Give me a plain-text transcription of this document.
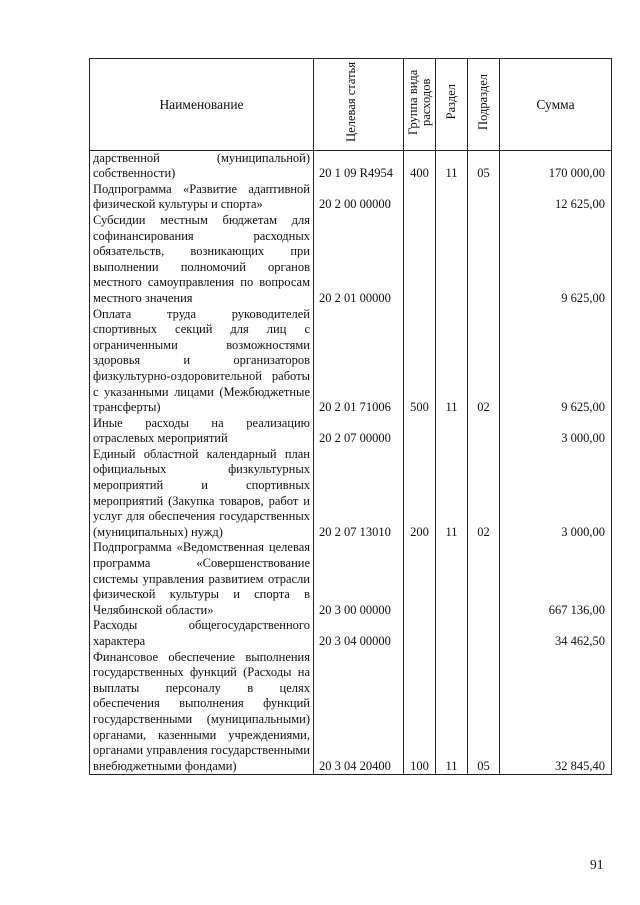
Наименование	Целевая статья	Группа вида расходов	Раздел	Подраздел	Сумма
дарственной (муниципальной) собственности)	20 1 09 R4954	400	11	05	170 000,00
Подпрограмма «Развитие адаптивной физической культуры и спорта»	20 2 00 00000				12 625,00
Субсидии местным бюджетам для софинансирования расходных обязательств, возникающих при выполнении полномочий органов местного самоуправления по вопросам местного значения	20 2 01 00000				9 625,00
Оплата труда руководителей спортивных секций для лиц с ограниченными возможностями здоровья и организаторов физкультурно-оздоровительной работы с указанными лицами (Межбюджетные трансферты)	20 2 01 71006	500	11	02	9 625,00
Иные расходы на реализацию отраслевых мероприятий	20 2 07 00000				3 000,00
Единый областной календарный план официальных физкультурных мероприятий и спортивных мероприятий (Закупка товаров, работ и услуг для обеспечения государственных (муниципальных) нужд)	20 2 07 13010	200	11	02	3 000,00
Подпрограмма «Ведомственная целевая программа «Совершенствование системы управления развитием отрасли физической культуры и спорта в Челябинской области»	20 3 00 00000				667 136,00
Расходы общегосударственного характера	20 3 04 00000				34 462,50
Финансовое обеспечение выполнения государственных функций (Расходы на выплаты персоналу в целях обеспечения выполнения функций государственными (муниципальными) органами, казенными учреждениями, органами управления государственными внебюджетными фондами)	20 3 04 20400	100	11	05	32 845,40
91
